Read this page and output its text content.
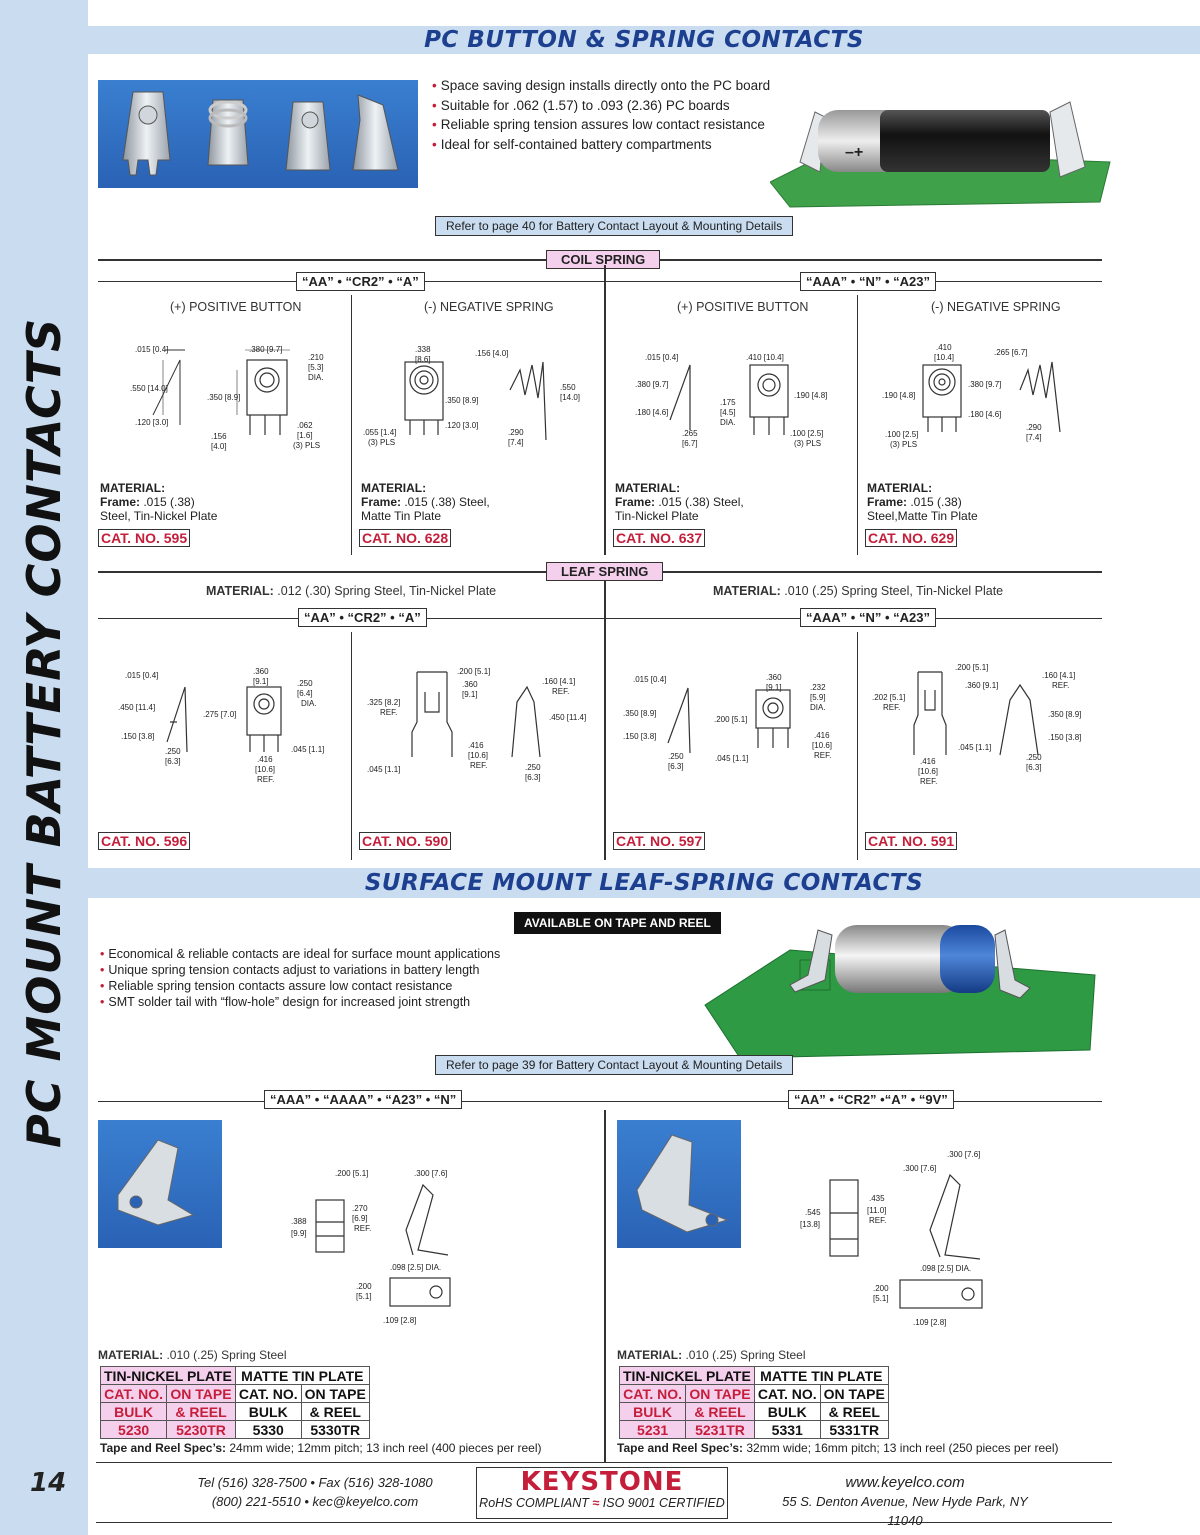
PC MOUNT BATTERY CONTACTS
14
PC BUTTON & SPRING CONTACTS
• Space saving design installs directly onto the PC board
• Suitable for .062 (1.57) to .093 (2.36) PC boards
• Reliable spring tension assures low contact resistance
• Ideal for self-contained battery compartments	–+
Refer to page 40 for Battery Contact Layout & Mounting Details
COIL SPRING
“AA” • “CR2” • “A”	“AAA” • “N” • “A23”
(+) POSITIVE BUTTON	(-) NEGATIVE SPRING	(+) POSITIVE BUTTON	(-) NEGATIVE SPRING
.015 [0.4]	.380 [9.7]
.210
[5.3]
DIA.
.550 [14.0]
.350 [8.9]
.120 [3.0]
.156
[4.0]
.062
[1.6]
(3) PLS
.338
[8.6]
.156 [4.0]
.550
[14.0]
.350 [8.9]
.055 [1.4]
(3) PLS
.120 [3.0]
.290
[7.4]
.015 [0.4]	.410 [10.4]
.380 [9.7]
.190 [4.8]
.180 [4.6]
.175
[4.5]
DIA.
.265
[6.7]
.100 [2.5]
(3) PLS
.410
[10.4]
.265 [6.7]
.380 [9.7]
.190 [4.8]
.180 [4.6]
.100 [2.5]
(3) PLS
.290
[7.4]
MATERIAL:
Frame: .015 (.38)
Steel, Tin-Nickel Plate
CAT. NO. 595
MATERIAL:
Frame: .015 (.38) Steel,
Matte Tin Plate
CAT. NO. 628
MATERIAL:
Frame: .015 (.38) Steel,
Tin-Nickel Plate
CAT. NO. 637
MATERIAL:
Frame: .015 (.38)
Steel,Matte Tin Plate
CAT. NO. 629
LEAF SPRING
MATERIAL: .012 (.30) Spring Steel, Tin-Nickel Plate	MATERIAL: .010 (.25) Spring Steel, Tin-Nickel Plate
“AA” • “CR2” • “A”	“AAA” • “N” • “A23”
.015 [0.4]	.360
[9.1]	.250
[6.4]
DIA.
.450 [11.4]
.275 [7.0]
.150 [3.8]
.250
[6.3]	.416
[10.6]
REF.
.045 [1.1]
.200 [5.1]
.360
[9.1]
.325 [8.2]
REF.
.160 [4.1]
REF.
.450 [11.4]
.416
[10.6]
REF.
.045 [1.1]	.250
[6.3]
.015 [0.4]	.360
[9.1]	.232
[5.9]
DIA.
.350 [8.9]
.200 [5.1]
.150 [3.8]
.250
[6.3]
.045 [1.1]
.416
[10.6]
REF.
.200 [5.1]
.360 [9.1]
.160 [4.1]
REF.
.202 [5.1]
REF.
.350 [8.9]
.150 [3.8]
.045 [1.1]
.416
[10.6]
REF.
.250
[6.3]
CAT. NO. 596	CAT. NO. 590	CAT. NO. 597	CAT. NO. 591
SURFACE MOUNT LEAF-SPRING CONTACTS
AVAILABLE ON TAPE AND REEL
• Economical & reliable contacts are ideal for surface mount applications
• Unique spring tension contacts adjust to variations in battery length
• Reliable spring tension contacts assure low contact resistance
• SMT solder tail with “flow-hole” design for increased joint strength
Refer to page 39 for Battery Contact Layout & Mounting Details
“AAA” • “AAAA” • “A23” • “N”	“AA” • “CR2” •“A” • “9V”
.200 [5.1]	.300 [7.6]
.270
[6.9]
REF.
.388
[9.9]
.098 [2.5] DIA.
.200
[5.1]
.109 [2.8]
.300 [7.6]
.300 [7.6]
.545
[13.8]
.435
[11.0]
REF.
.098 [2.5] DIA.
.200
[5.1]
.109 [2.8]
MATERIAL: .010 (.25) Spring Steel
TIN-NICKEL PLATE		MATTE TIN PLATE	
CAT. NO.	ON TAPE	CAT. NO.	ON TAPE
BULK	& REEL	BULK	& REEL
5230	5230TR	5330	5330TR
Tape and Reel Spec’s: 24mm wide; 12mm pitch; 13 inch reel (400 pieces per reel)
MATERIAL: .010 (.25) Spring Steel
TIN-NICKEL PLATE		MATTE TIN PLATE	
CAT. NO.	ON TAPE	CAT. NO.	ON TAPE
BULK	& REEL	BULK	& REEL
5231	5231TR	5331	5331TR
Tape and Reel Spec’s: 32mm wide; 16mm pitch; 13 inch reel (250 pieces per reel)
Tel (516) 328-7500 • Fax (516) 328-1080
(800) 221-5510 • kec@keyelco.com
KEYSTONE
RoHS COMPLIANT ≈ ISO 9001 CERTIFIED
www.keyelco.com
55 S. Denton Avenue, New Hyde Park, NY 11040
